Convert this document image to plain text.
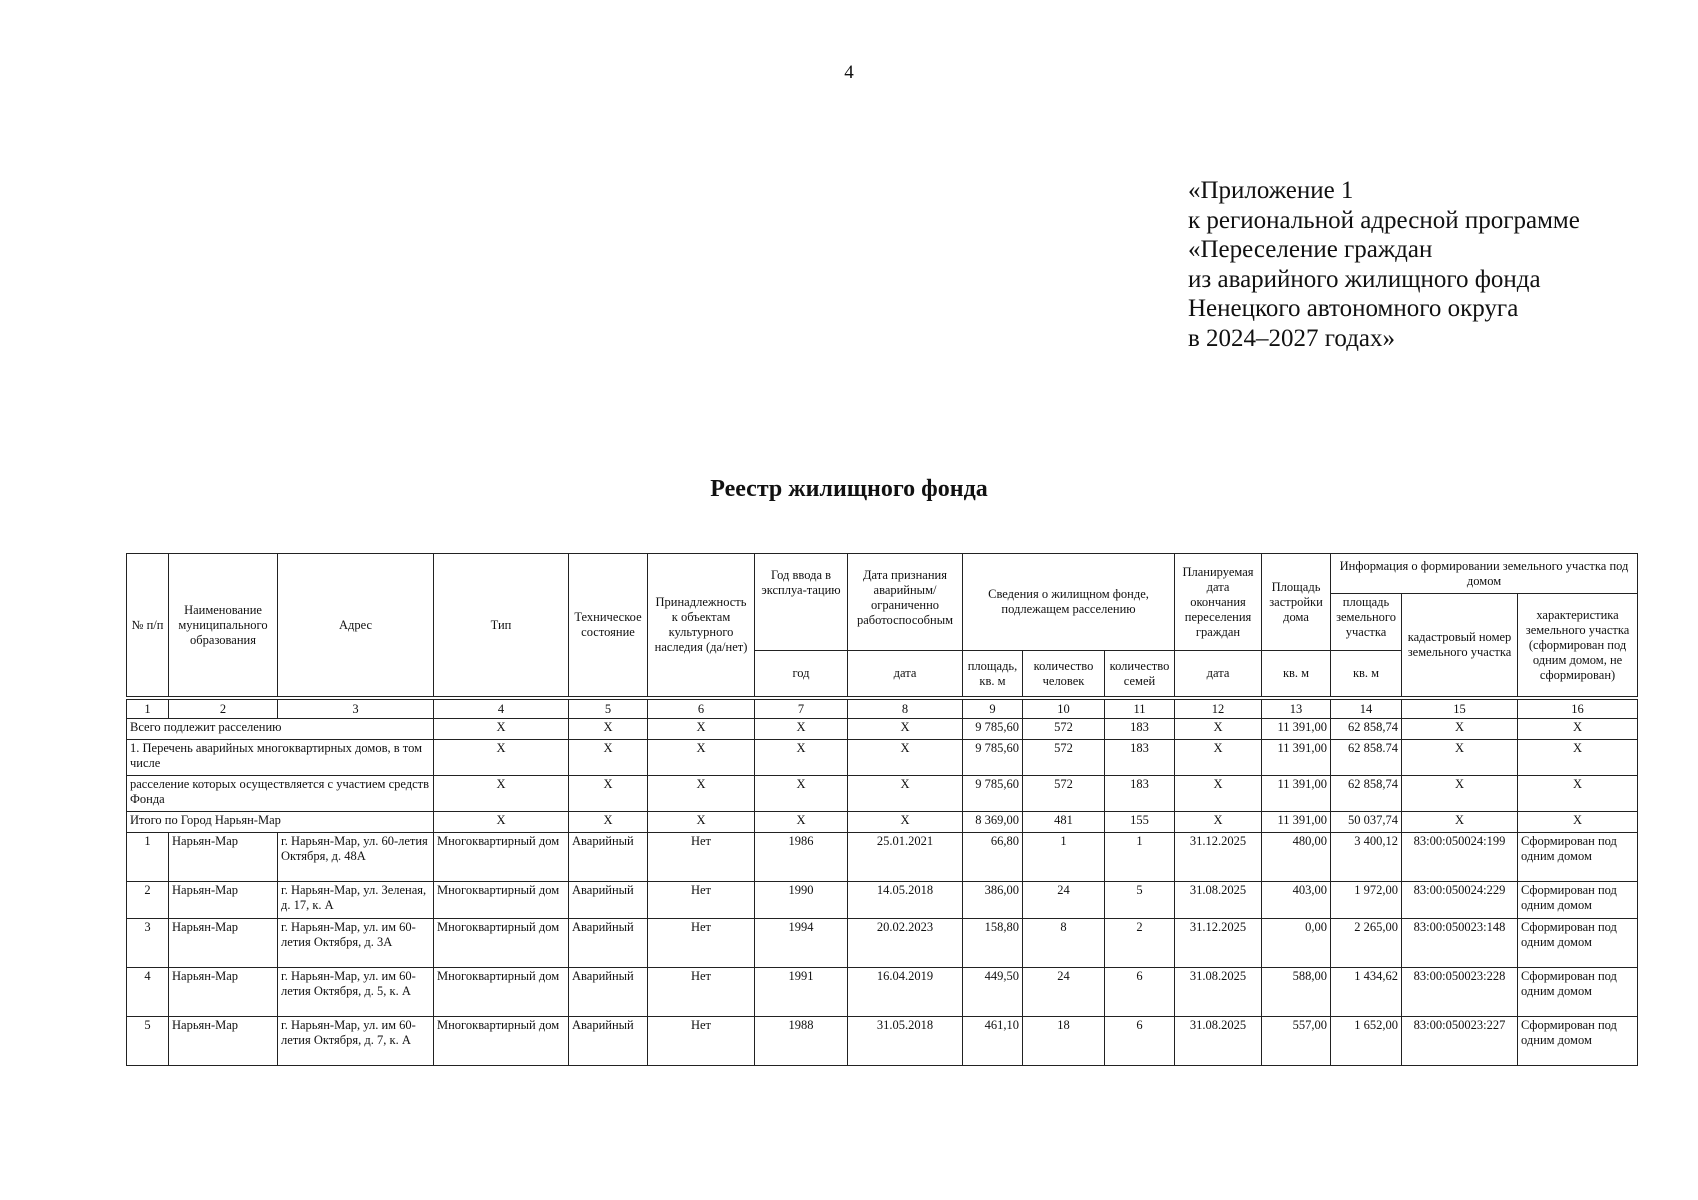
4
«Приложение 1
к региональной адресной программе
«Переселение граждан
из аварийного жилищного фонда
Ненецкого автономного округа
в 2024–2027 годах»
Реестр жилищного фонда
№ п/п	Наименование муниципального образования	Адрес	Тип	Техническое состояние	Принадлежность к объектам культурного наследия (да/нет)	Год ввода в эксплуа-тацию	Дата признания аварийным/ ограниченно работоспособным	Сведения о жилищном фонде, подлежащем расселению			Планируемая дата окончания переселения граждан	Площадь застройки дома	Информация о формировании земельного участка под домом		
													площадь земельного участка	кадастровый номер земельного участка	характеристика земельного участка (сформирован под одним домом, не сформирован)
						год	дата	площадь, кв. м	количество человек	количество семей	дата	кв. м	кв. м		

1	2	3	4	5	6	7	8	9	10	11	12	13	14	15	16
Всего подлежит расселению			Х	Х	Х	Х	Х	9 785,60	572	183	Х	11 391,00	62 858,74	Х	Х
1. Перечень аварийных многоквартирных домов, в том числе			Х	Х	Х	Х	Х	9 785,60	572	183	Х	11 391,00	62 858.74	Х	Х
расселение которых осуществляется с участием средств Фонда			Х	Х	Х	Х	Х	9 785,60	572	183	Х	11 391,00	62 858,74	Х	Х
Итого по Город Нарьян-Мар			Х	Х	Х	Х	Х	8 369,00	481	155	Х	11 391,00	50 037,74	Х	Х
1	Нарьян-Мар	г. Нарьян-Мар, ул. 60-летия Октября, д. 48А	Многоквартирный дом	Аварийный	Нет	1986	25.01.2021	66,80	1	1	31.12.2025	480,00	3 400,12	83:00:050024:199	Сформирован под одним домом
2	Нарьян-Мар	г. Нарьян-Мар, ул. Зеленая, д. 17, к. А	Многоквартирный дом	Аварийный	Нет	1990	14.05.2018	386,00	24	5	31.08.2025	403,00	1 972,00	83:00:050024:229	Сформирован под одним домом
3	Нарьян-Мар	г. Нарьян-Мар, ул. им 60-летия Октября, д. 3А	Многоквартирный дом	Аварийный	Нет	1994	20.02.2023	158,80	8	2	31.12.2025	0,00	2 265,00	83:00:050023:148	Сформирован под одним домом
4	Нарьян-Мар	г. Нарьян-Мар, ул. им 60-летия Октября, д. 5, к. А	Многоквартирный дом	Аварийный	Нет	1991	16.04.2019	449,50	24	6	31.08.2025	588,00	1 434,62	83:00:050023:228	Сформирован под одним домом
5	Нарьян-Мар	г. Нарьян-Мар, ул. им 60-летия Октября, д. 7, к. А	Многоквартирный дом	Аварийный	Нет	1988	31.05.2018	461,10	18	6	31.08.2025	557,00	1 652,00	83:00:050023:227	Сформирован под одним домом
